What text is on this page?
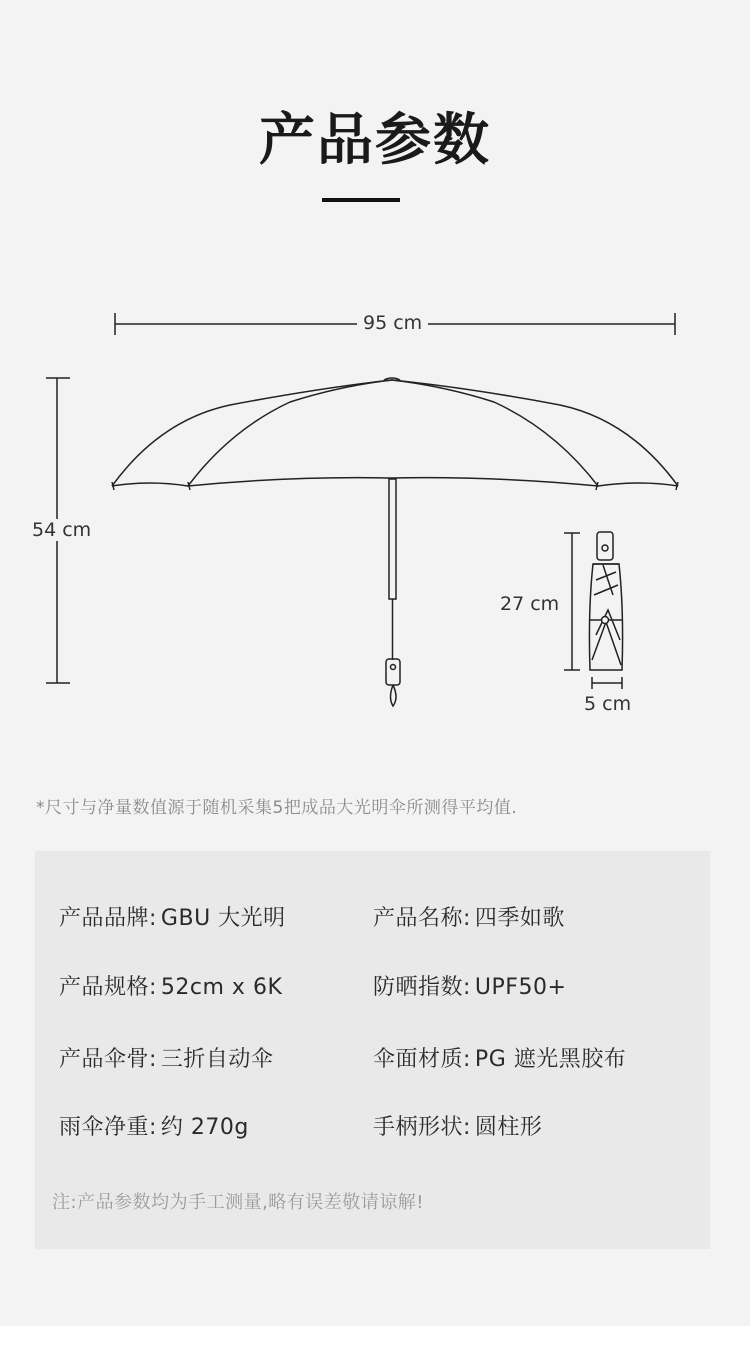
产品参数
95 cm
54 cm
27 cm
5 cm
*尺寸与净量数值源于随机采集5把成品大光明伞所测得平均值.
产品品牌: GBU 大光明	产品名称: 四季如歌
产品规格: 52cm x 6K	防晒指数: UPF50+
产品伞骨: 三折自动伞	伞面材质: PG 遮光黑胶布
雨伞净重: 约 270g	手柄形状: 圆柱形
注:产品参数均为手工测量,略有误差敬请谅解!
